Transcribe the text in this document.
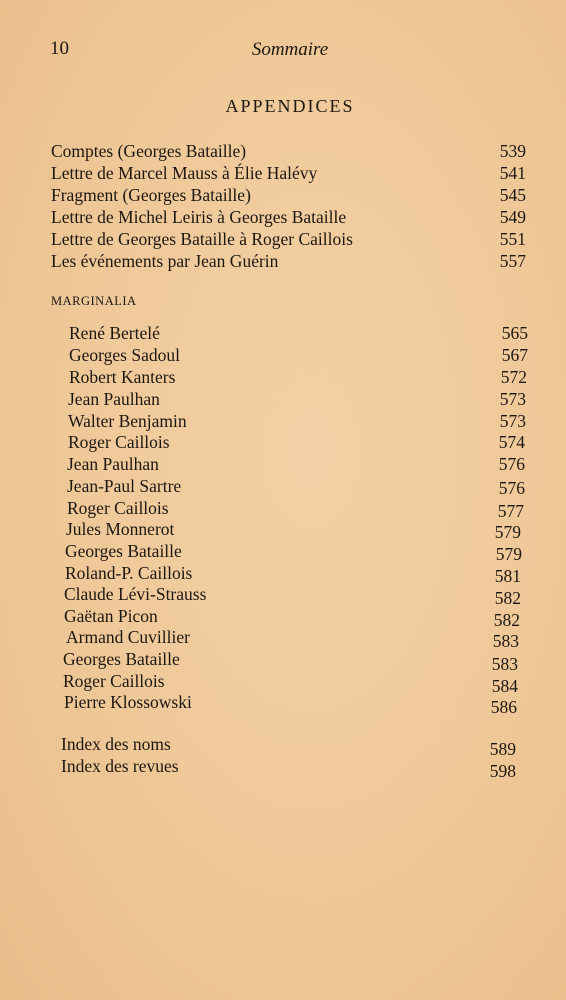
10	Sommaire
APPENDICES
Comptes (Georges Bataille)	539
Lettre de Marcel Mauss à Élie Halévy	541
Fragment (Georges Bataille)	545
Lettre de Michel Leiris à Georges Bataille	549
Lettre de Georges Bataille à Roger Caillois	551
Les événements par Jean Guérin	557
MARGINALIA
René Bertelé	565
Georges Sadoul	567
Robert Kanters	572
Jean Paulhan	573
Walter Benjamin	573
Roger Caillois	574
Jean Paulhan	576
Jean-Paul Sartre	576
Roger Caillois	577
Jules Monnerot	579
Georges Bataille	579
Roland-P. Caillois	581
Claude Lévi-Strauss	582
Gaëtan Picon	582
Armand Cuvillier	583
Georges Bataille	583
Roger Caillois	584
Pierre Klossowski	586
Index des noms	589
Index des revues	598
